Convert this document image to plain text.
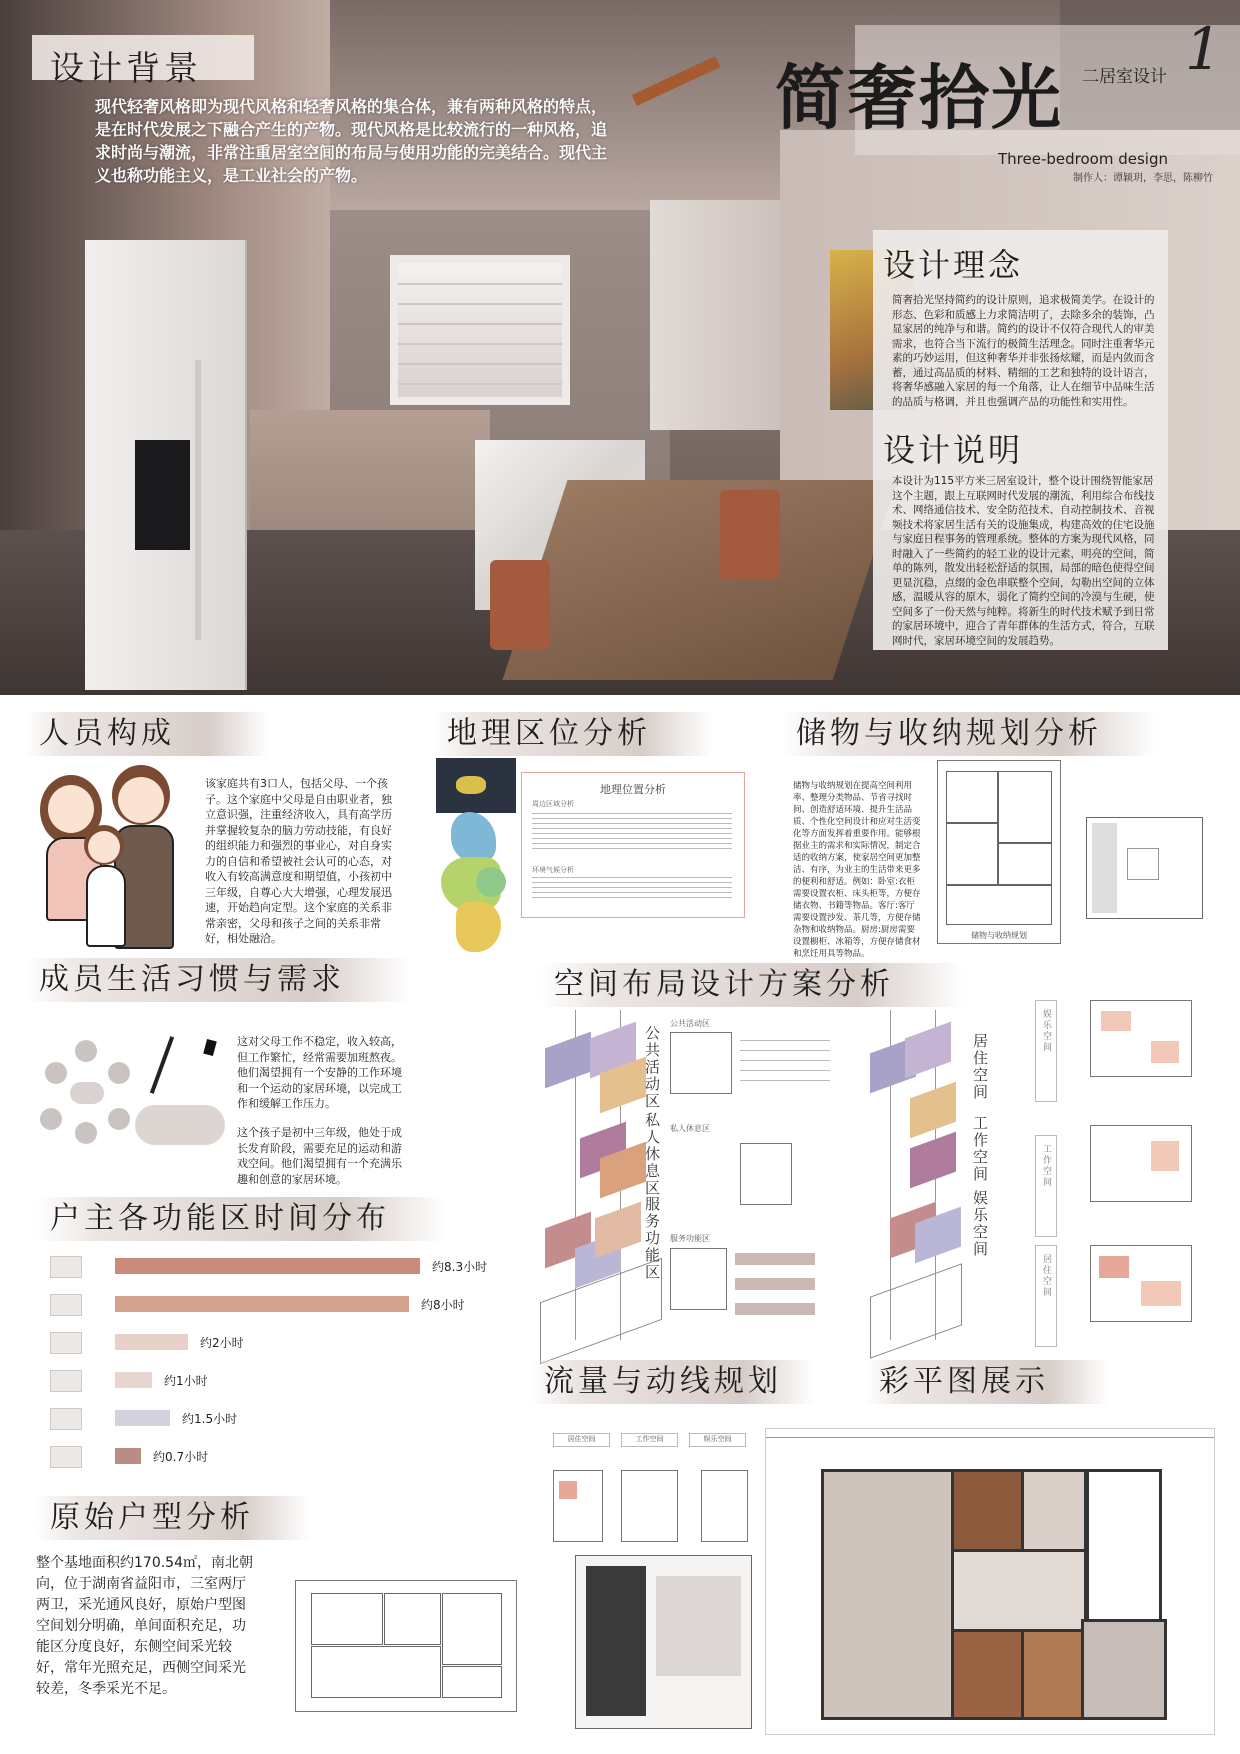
设计背景
现代轻奢风格即为现代风格和轻奢风格的集合体，兼有两种风格的特点，是在时代发展之下融合产生的产物。现代风格是比较流行的一种风格，追求时尚与潮流，非常注重居室空间的布局与使用功能的完美结合。现代主义也称功能主义，是工业社会的产物。
简奢拾光 二居室设计 1
Three-bedroom design
制作人：谭颖玥，李思，陈柳竹
设计理念
简奢拾光坚持简约的设计原则，追求极简美学。在设计的形态、色彩和质感上力求简洁明了，去除多余的装饰，凸显家居的纯净与和谐。简约的设计不仅符合现代人的审美需求，也符合当下流行的极简生活理念。同时注重奢华元素的巧妙运用，但这种奢华并非张扬炫耀，而是内敛而含蓄，通过高品质的材料、精细的工艺和独特的设计语言，将奢华感融入家居的每一个角落，让人在细节中品味生活的品质与格调，并且也强调产品的功能性和实用性。
设计说明
本设计为115平方米三居室设计，整个设计围绕智能家居这个主题，跟上互联网时代发展的潮流，利用综合布线技术、网络通信技术、安全防范技术、自动控制技术、音视频技术将家居生活有关的设施集成，构建高效的住宅设施与家庭日程事务的管理系统。整体的方案为现代风格，同时融入了一些简约的轻工业的设计元素，明亮的空间，简单的陈列，散发出轻松舒适的氛围，局部的暗色使得空间更显沉稳，点缀的金色串联整个空间，勾勒出空间的立体感，温暖从容的原木，弱化了简约空间的冷漠与生硬，使空间多了一份天然与纯粹。将新生的时代技术赋予到日常的家居环境中，迎合了青年群体的生活方式，符合，互联网时代，家居环境空间的发展趋势。
人员构成
该家庭共有3口人，包括父母、一个孩子。这个家庭中父母是自由职业者，独立意识强，注重经济收入，具有高学历并掌握较复杂的脑力劳动技能，有良好的组织能力和强烈的事业心，对自身实力的自信和希望被社会认可的心态，对收入有较高满意度和期望值，小孩初中三年级，自尊心大大增强，心理发展迅速，开始趋向定型。这个家庭的关系非常亲密，父母和孩子之间的关系非常好，相处融洽。
地理区位分析
地理位置分析
周边区域分析
环境气候分析
储物与收纳规划分析
储物与收纳规划在提高空间利用率、整理分类物品、节省寻找时间、创造舒适环境、提升生活品质、个性化空间设计和应对生活变化等方面发挥着重要作用。能够根据业主的需求和实际情况，制定合适的收纳方案，使家居空间更加整洁、有序，为业主的生活带来更多的便利和舒适。例如：卧室:衣柜需要设置衣柜、床头柜等，方便存储衣物、书籍等物品。客厅:客厅需要设置沙发、茶几等，方便存储杂物和收纳物品。厨房:厨房需要设置橱柜、冰箱等，方便存储食材和烹饪用具等物品。
储物与收纳规划
成员生活习惯与需求
这对父母工作不稳定，收入较高，但工作繁忙，经常需要加班熬夜。他们渴望拥有一个安静的工作环境和一个运动的家居环境，以完成工作和缓解工作压力。
这个孩子是初中三年级，他处于成长发育阶段，需要充足的运动和游戏空间。他们渴望拥有一个充满乐趣和创意的家居环境。
户主各功能区时间分布
约8.3小时
约8小时
约2小时
约1小时
约1.5小时
约0.7小时
原始户型分析
整个基地面积约170.54㎡，南北朝向，位于湖南省益阳市，三室两厅两卫，采光通风良好，原始户型图空间划分明确，单间面积充足，功能区分度良好，东侧空间采光较好，常年光照充足，西侧空间采光较差，冬季采光不足。
空间布局设计方案分析
公共活动区
私人休息区
服务功能区
公共活动区
私人休息区
服务功能区
居住空间
工作空间
娱乐空间
娱乐空间
工作空间
居住空间
流量与动线规划
居住空间	工作空间	娱乐空间
彩平图展示
